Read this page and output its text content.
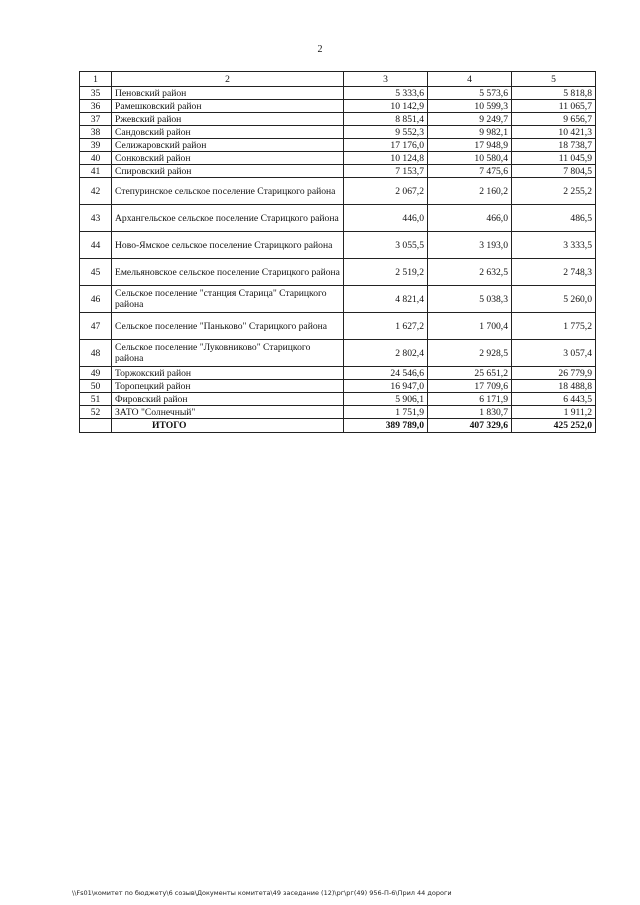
2
1	2	3	4	5
35	Пеновский район	5 333,6	5 573,6	5 818,8
36	Рамешковский район	10 142,9	10 599,3	11 065,7
37	Ржевский район	8 851,4	9 249,7	9 656,7
38	Сандовский район	9 552,3	9 982,1	10 421,3
39	Селижаровский район	17 176,0	17 948,9	18 738,7
40	Сонковский район	10 124,8	10 580,4	11 045,9
41	Спировский район	7 153,7	7 475,6	7 804,5
42	Степуринское сельское поселение Старицкого района	2 067,2	2 160,2	2 255,2
43	Архангельское сельское поселение Старицкого района	446,0	466,0	486,5
44	Ново-Ямское сельское поселение Старицкого района	3 055,5	3 193,0	3 333,5
45	Емельяновское сельское поселение Старицкого района	2 519,2	2 632,5	2 748,3
46	Сельское поселение "станция Старица" Старицкого района	4 821,4	5 038,3	5 260,0
47	Сельское поселение "Паньково" Старицкого района	1 627,2	1 700,4	1 775,2
48	Сельское поселение "Луковниково" Старицкого района	2 802,4	2 928,5	3 057,4
49	Торжокский район	24 546,6	25 651,2	26 779,9
50	Торопецкий район	16 947,0	17 709,6	18 488,8
51	Фировский район	5 906,1	6 171,9	6 443,5
52	ЗАТО "Солнечный"	1 751,9	1 830,7	1 911,2
	ИТОГО	389 789,0	407 329,6	425 252,0
\\Fs01\комитет по бюджету\6 созыв\Документы комитета\49 заседание (12)\рг\рг(49) 956-П-6\Прил 44 дороги
